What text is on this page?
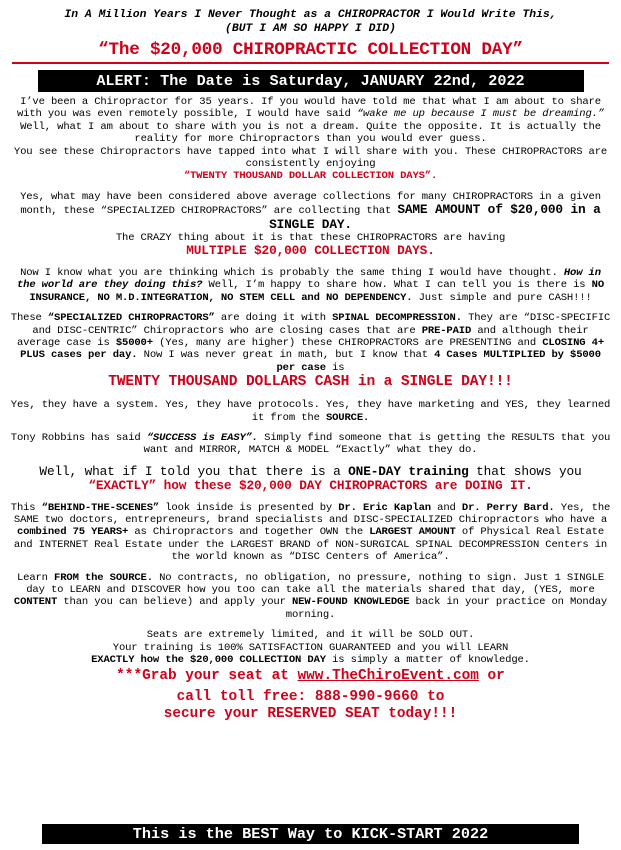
In A Million Years I Never Thought as a CHIROPRACTOR I Would Write This,
(BUT I AM SO HAPPY I DID)
“The $20,000 CHIROPRACTIC COLLECTION DAY”
ALERT: The Date is Saturday, JANUARY 22nd, 2022

I’ve been a Chiropractor for 35 years. If you would have told me that what I am about to share with you was even remotely possible, I would have said “wake me up because I must be dreaming.” Well, what I am about to share with you is not a dream. Quite the opposite. It is actually the reality for more Chiropractors than you would ever guess.
You see these Chiropractors have tapped into what I will share with you. These CHIROPRACTORS are consistently enjoying
“TWENTY THOUSAND DOLLAR COLLECTION DAYS”.

Yes, what may have been considered above average collections for many CHIROPRACTORS in a given month, these “SPECIALIZED CHIROPRACTORS” are collecting that SAME AMOUNT of $20,000 in a SINGLE DAY.
The CRAZY thing about it is that these CHIROPRACTORS are having
MULTIPLE $20,000 COLLECTION DAYS.

Now I know what you are thinking which is probably the same thing I would have thought. How in the world are they doing this? Well, I’m happy to share how. What I can tell you is there is NO INSURANCE, NO M.D.INTEGRATION, NO STEM CELL and NO DEPENDENCY. Just simple and pure CASH!!!

These “SPECIALIZED CHIROPRACTORS” are doing it with SPINAL DECOMPRESSION. They are “DISC-SPECIFIC and DISC-CENTRIC” Chiropractors who are closing cases that are PRE-PAID and although their average case is $5000+ (Yes, many are higher) these CHIROPRACTORS are PRESENTING and CLOSING 4+ PLUS cases per day. Now I was never great in math, but I know that 4 Cases MULTIPLIED by $5000 per case is
TWENTY THOUSAND DOLLARS CASH in a SINGLE DAY!!!

Yes, they have a system. Yes, they have protocols. Yes, they have marketing and YES, they learned it from the SOURCE.

Tony Robbins has said “SUCCESS is EASY”. Simply find someone that is getting the RESULTS that you want and MIRROR, MATCH & MODEL “Exactly” what they do.

Well, what if I told you that there is a ONE-DAY training that shows you
“EXACTLY” how these $20,000 DAY CHIROPRACTORS are DOING IT.

This “BEHIND-THE-SCENES” look inside is presented by Dr. Eric Kaplan and Dr. Perry Bard. Yes, the SAME two doctors, entrepreneurs, brand specialists and DISC-SPECIALIZED Chiropractors who have a combined 75 YEARS+ as Chiropractors and together OWN the LARGEST AMOUNT of Physical Real Estate and INTERNET Real Estate under the LARGEST BRAND of NON-SURGICAL SPINAL DECOMPRESSION Centers in the world known as “DISC Centers of America”.

Learn FROM the SOURCE. No contracts, no obligation, no pressure, nothing to sign. Just 1 SINGLE day to LEARN and DISCOVER how you too can take all the materials shared that day, (YES, more CONTENT than you can believe) and apply your NEW-FOUND KNOWLEDGE back in your practice on Monday morning.

Seats are extremely limited, and it will be SOLD OUT.
Your training is 100% SATISFACTION GUARANTEED and you will LEARN
EXACTLY how the $20,000 COLLECTION DAY is simply a matter of knowledge.

***Grab your seat at www.TheChiroEvent.com or
call toll free: 888-990-9660 to
secure your RESERVED SEAT today!!!
This is the BEST Way to KICK-START 2022
